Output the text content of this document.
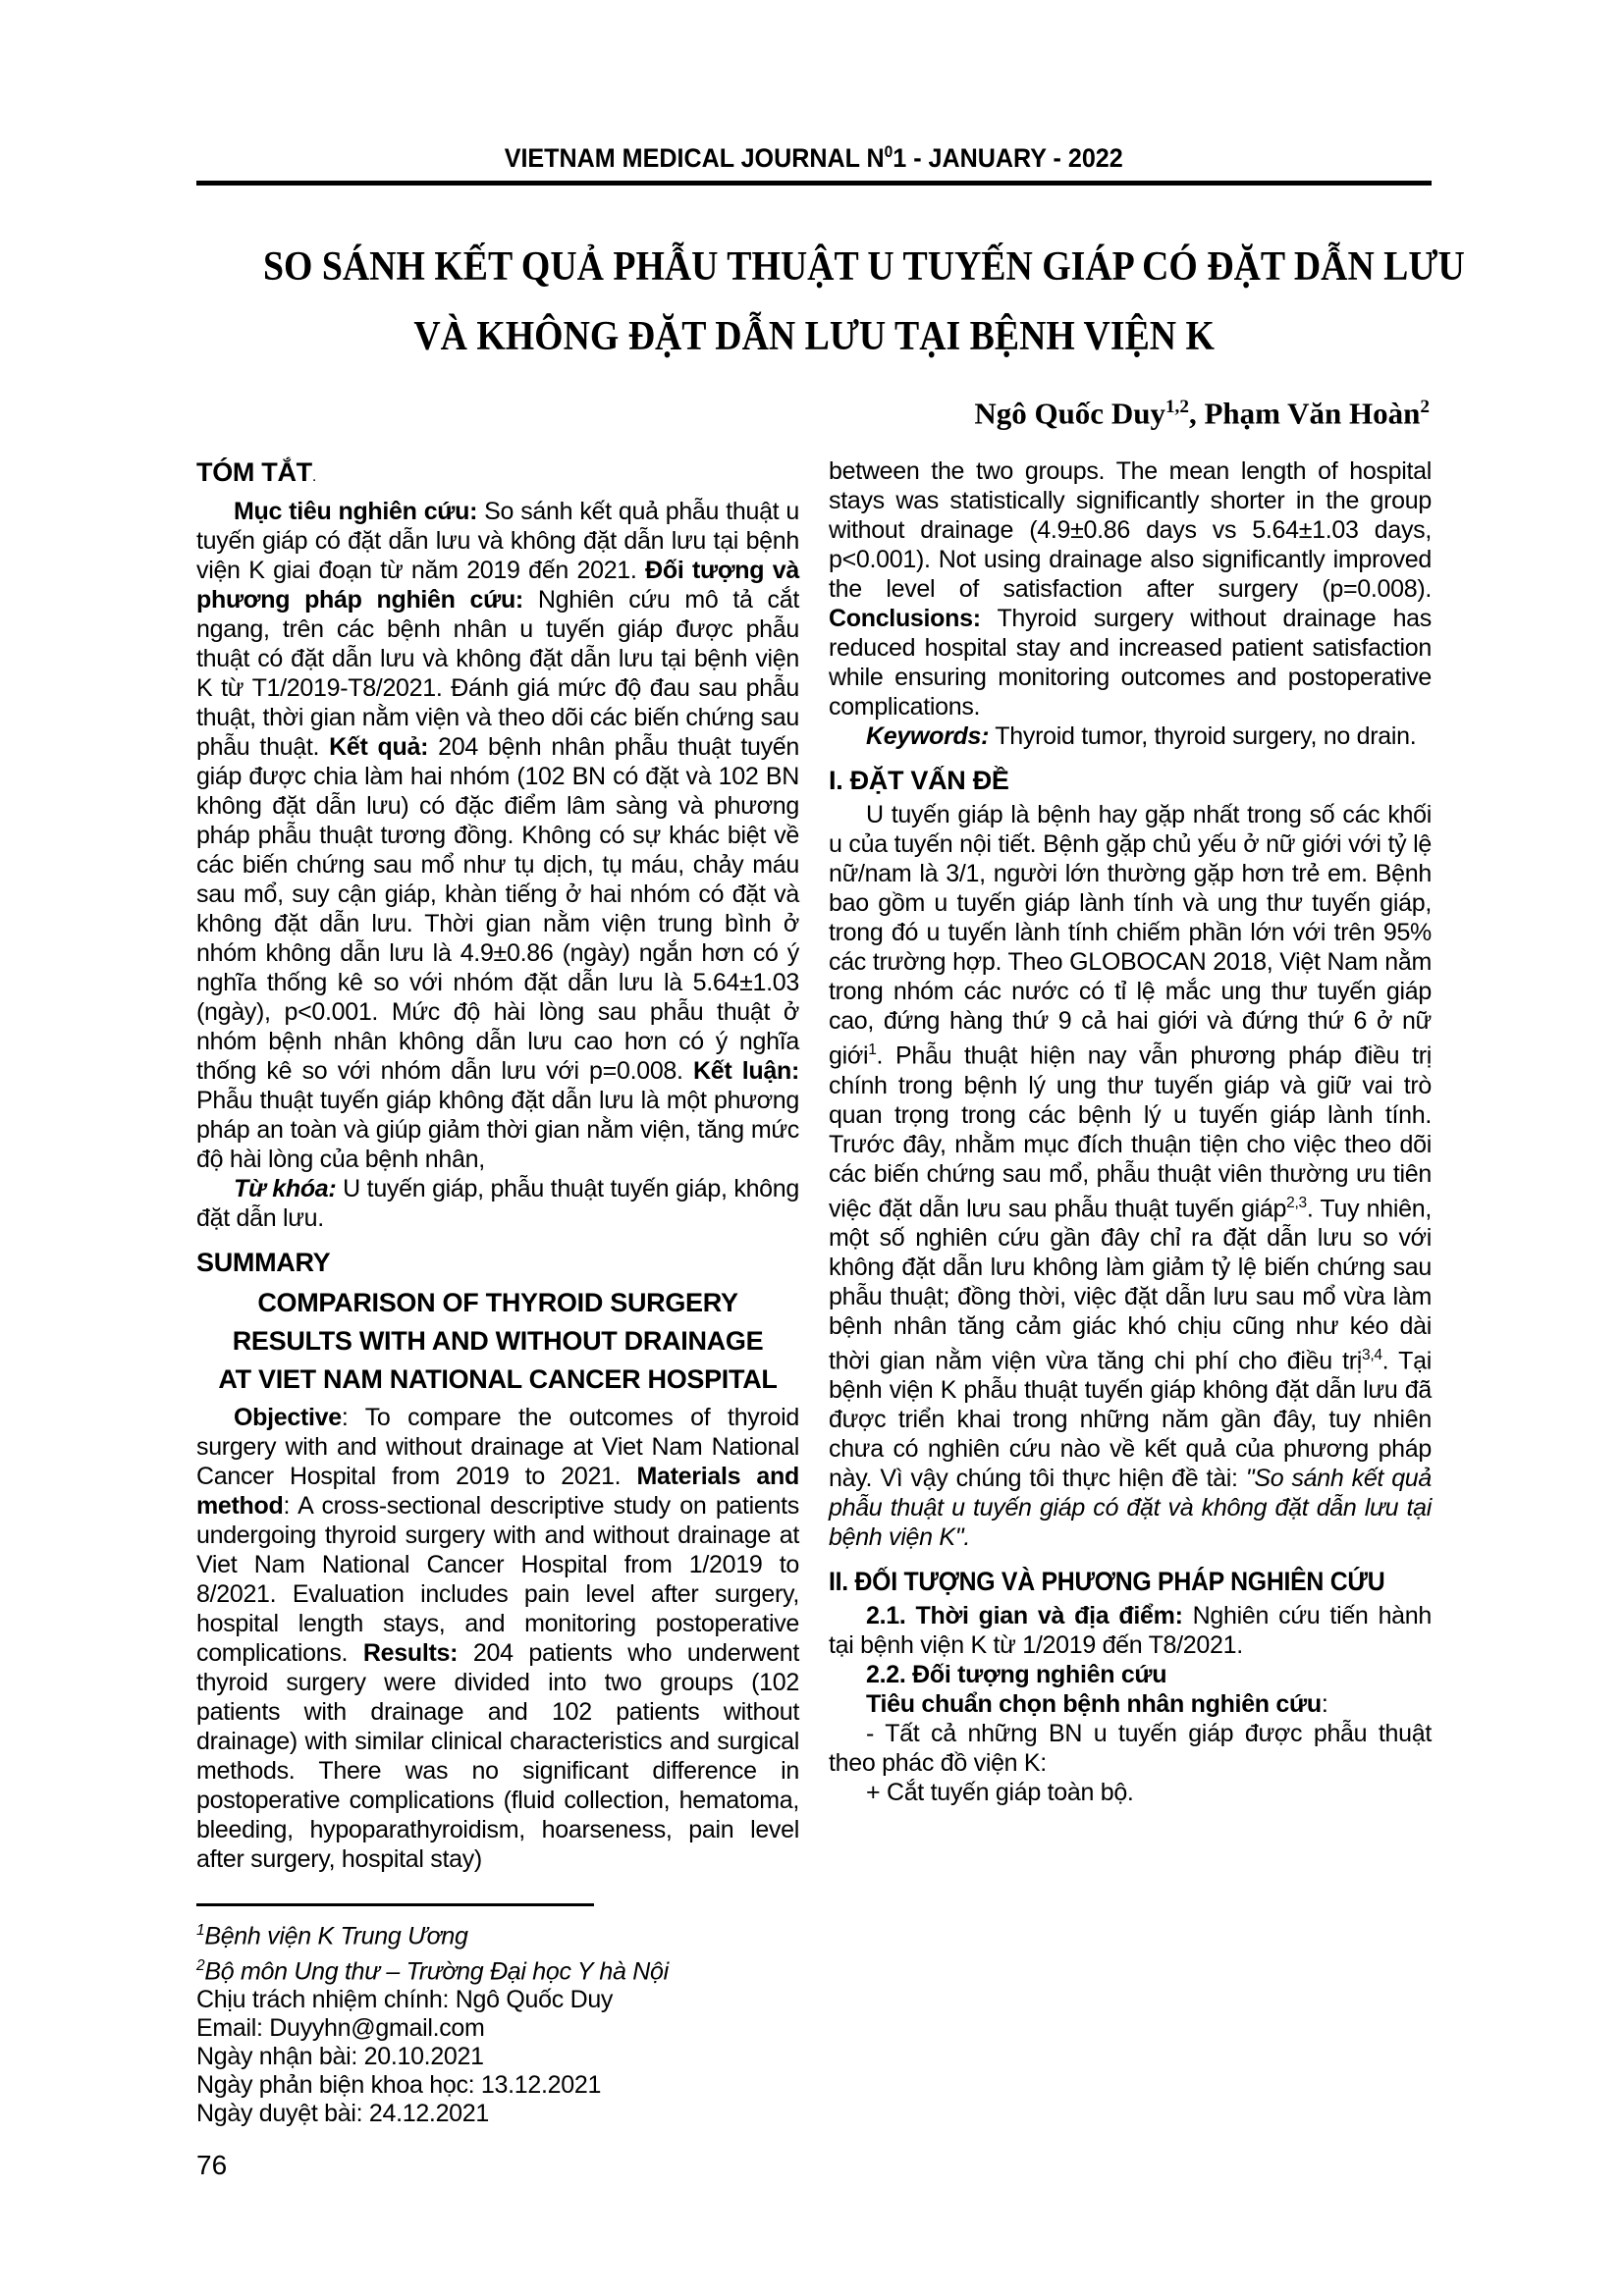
VIETNAM MEDICAL JOURNAL $N^01$ - JANUARY - 2022
SO SÁNH KẾT QUẢ PHẪU THUẬT U TUYẾN GIÁP CÓ ĐẶT DẪN LƯU
VÀ KHÔNG ĐẶT DẪN LƯU TẠI BỆNH VIỆN K
Ngô Quốc Duy$^{1,2}$, Phạm Văn Hoàn$^2$
TÓM TẮT.

Mục tiêu nghiên cứu: So sánh kết quả phẫu thuật u tuyến giáp có đặt dẫn lưu và không đặt dẫn lưu tại bệnh viện K giai đoạn từ năm 2019 đến 2021. Đối tượng và phương pháp nghiên cứu: Nghiên cứu mô tả cắt ngang, trên các bệnh nhân u tuyến giáp được phẫu thuật có đặt dẫn lưu và không đặt dẫn lưu tại bệnh viện K từ T1/2019-T8/2021. Đánh giá mức độ đau sau phẫu thuật, thời gian nằm viện và theo dõi các biến chứng sau phẫu thuật. Kết quả: 204 bệnh nhân phẫu thuật tuyến giáp được chia làm hai nhóm (102 BN có đặt và 102 BN không đặt dẫn lưu) có đặc điểm lâm sàng và phương pháp phẫu thuật tương đồng. Không có sự khác biệt về các biến chứng sau mổ như tụ dịch, tụ máu, chảy máu sau mổ, suy cận giáp, khàn tiếng ở hai nhóm có đặt và không đặt dẫn lưu. Thời gian nằm viện trung bình ở nhóm không dẫn lưu là 4.9±0.86 (ngày) ngắn hơn có ý nghĩa thống kê so với nhóm đặt dẫn lưu là 5.64±1.03 (ngày), p<0.001. Mức độ hài lòng sau phẫu thuật ở nhóm bệnh nhân không dẫn lưu cao hơn có ý nghĩa thống kê so với nhóm dẫn lưu với p=0.008. Kết luận: Phẫu thuật tuyến giáp không đặt dẫn lưu là một phương pháp an toàn và giúp giảm thời gian nằm viện, tăng mức độ hài lòng của bệnh nhân,

Từ khóa: U tuyến giáp, phẫu thuật tuyến giáp, không đặt dẫn lưu.

SUMMARY
COMPARISON OF THYROID SURGERY
RESULTS WITH AND WITHOUT DRAINAGE
AT VIET NAM NATIONAL CANCER HOSPITAL

Objective: To compare the outcomes of thyroid surgery with and without drainage at Viet Nam National Cancer Hospital from 2019 to 2021. Materials and method: A cross-sectional descriptive study on patients undergoing thyroid surgery with and without drainage at Viet Nam National Cancer Hospital from 1/2019 to 8/2021. Evaluation includes pain level after surgery, hospital length stays, and monitoring postoperative complications. Results: 204 patients who underwent thyroid surgery were divided into two groups (102 patients with drainage and 102 patients without drainage) with similar clinical characteristics and surgical methods. There was no significant difference in postoperative complications (fluid collection, hematoma, bleeding, hypoparathyroidism, hoarseness, pain level after surgery, hospital stay)

$^1$Bệnh viện K Trung Ương
$^2$Bộ môn Ung thư – Trường Đại học Y hà Nội
Chịu trách nhiệm chính: Ngô Quốc Duy
Email: Duyyhn@gmail.com
Ngày nhận bài: 20.10.2021
Ngày phản biện khoa học: 13.12.2021
Ngày duyệt bài: 24.12.2021

between the two groups. The mean length of hospital stays was statistically significantly shorter in the group without drainage (4.9±0.86 days vs 5.64±1.03 days, p<0.001). Not using drainage also significantly improved the level of satisfaction after surgery (p=0.008). Conclusions: Thyroid surgery without drainage has reduced hospital stay and increased patient satisfaction while ensuring monitoring outcomes and postoperative complications.

Keywords: Thyroid tumor, thyroid surgery, no drain.

I. ĐẶT VẤN ĐỀ

U tuyến giáp là bệnh hay gặp nhất trong số các khối u của tuyến nội tiết. Bệnh gặp chủ yếu ở nữ giới với tỷ lệ nữ/nam là 3/1, người lớn thường gặp hơn trẻ em. Bệnh bao gồm u tuyến giáp lành tính và ung thư tuyến giáp, trong đó u tuyến lành tính chiếm phần lớn với trên 95% các trường hợp. Theo GLOBOCAN 2018, Việt Nam nằm trong nhóm các nước có tỉ lệ mắc ung thư tuyến giáp cao, đứng hàng thứ 9 cả hai giới và đứng thứ 6 ở nữ giới$^1$. Phẫu thuật hiện nay vẫn phương pháp điều trị chính trong bệnh lý ung thư tuyến giáp và giữ vai trò quan trọng trong các bệnh lý u tuyến giáp lành tính. Trước đây, nhằm mục đích thuận tiện cho việc theo dõi các biến chứng sau mổ, phẫu thuật viên thường ưu tiên việc đặt dẫn lưu sau phẫu thuật tuyến giáp$^{2,3}$. Tuy nhiên, một số nghiên cứu gần đây chỉ ra đặt dẫn lưu so với không đặt dẫn lưu không làm giảm tỷ lệ biến chứng sau phẫu thuật; đồng thời, việc đặt dẫn lưu sau mổ vừa làm bệnh nhân tăng cảm giác khó chịu cũng như kéo dài thời gian nằm viện vừa tăng chi phí cho điều trị$^{3,4}$. Tại bệnh viện K phẫu thuật tuyến giáp không đặt dẫn lưu đã được triển khai trong những năm gần đây, tuy nhiên chưa có nghiên cứu nào về kết quả của phương pháp này. Vì vậy chúng tôi thực hiện đề tài: "So sánh kết quả phẫu thuật u tuyến giáp có đặt và không đặt dẫn lưu tại bệnh viện K".

II. ĐỐI TƯỢNG VÀ PHƯƠNG PHÁP NGHIÊN CỨU

2.1. Thời gian và địa điểm: Nghiên cứu tiến hành tại bệnh viện K từ 1/2019 đến T8/2021.

2.2. Đối tượng nghiên cứu

Tiêu chuẩn chọn bệnh nhân nghiên cứu:

- Tất cả những BN u tuyến giáp được phẫu thuật theo phác đồ viện K:

+ Cắt tuyến giáp toàn bộ.

76
